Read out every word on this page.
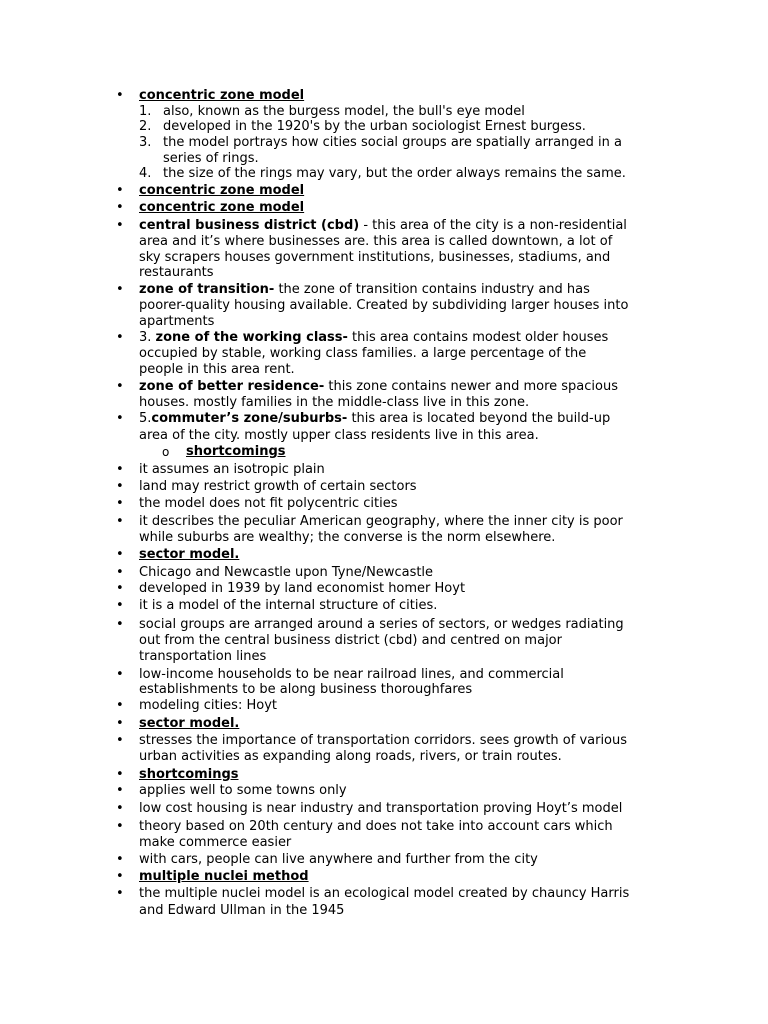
• concentric zone model
1. also, known as the burgess model, the bull's eye model
2. developed in the 1920's by the urban sociologist Ernest burgess.
3. the model portrays how cities social groups are spatially arranged in a
series of rings.
4. the size of the rings may vary, but the order always remains the same.
• concentric zone model
• concentric zone model
• central business district (cbd) - this area of the city is a non-residential
area and it’s where businesses are. this area is called downtown, a lot of
sky scrapers houses government institutions, businesses, stadiums, and
restaurants
• zone of transition- the zone of transition contains industry and has
poorer-quality housing available. Created by subdividing larger houses into
apartments
• 3. zone of the working class- this area contains modest older houses
occupied by stable, working class families. a large percentage of the
people in this area rent.
• zone of better residence- this zone contains newer and more spacious
houses. mostly families in the middle-class live in this zone.
• 5.commuter’s zone/suburbs- this area is located beyond the build-up
area of the city. mostly upper class residents live in this area.
o shortcomings
• it assumes an isotropic plain
• land may restrict growth of certain sectors
• the model does not fit polycentric cities
• it describes the peculiar American geography, where the inner city is poor
while suburbs are wealthy; the converse is the norm elsewhere.
• sector model.
• Chicago and Newcastle upon Tyne/Newcastle
• developed in 1939 by land economist homer Hoyt
• it is a model of the internal structure of cities.
• social groups are arranged around a series of sectors, or wedges radiating
out from the central business district (cbd) and centred on major
transportation lines
• low-income households to be near railroad lines, and commercial
establishments to be along business thoroughfares
• modeling cities: Hoyt
• sector model.
• stresses the importance of transportation corridors. sees growth of various
urban activities as expanding along roads, rivers, or train routes.
• shortcomings
• applies well to some towns only
• low cost housing is near industry and transportation proving Hoyt’s model
• theory based on 20th century and does not take into account cars which
make commerce easier
• with cars, people can live anywhere and further from the city
• multiple nuclei method
• the multiple nuclei model is an ecological model created by chauncy Harris
and Edward Ullman in the 1945
